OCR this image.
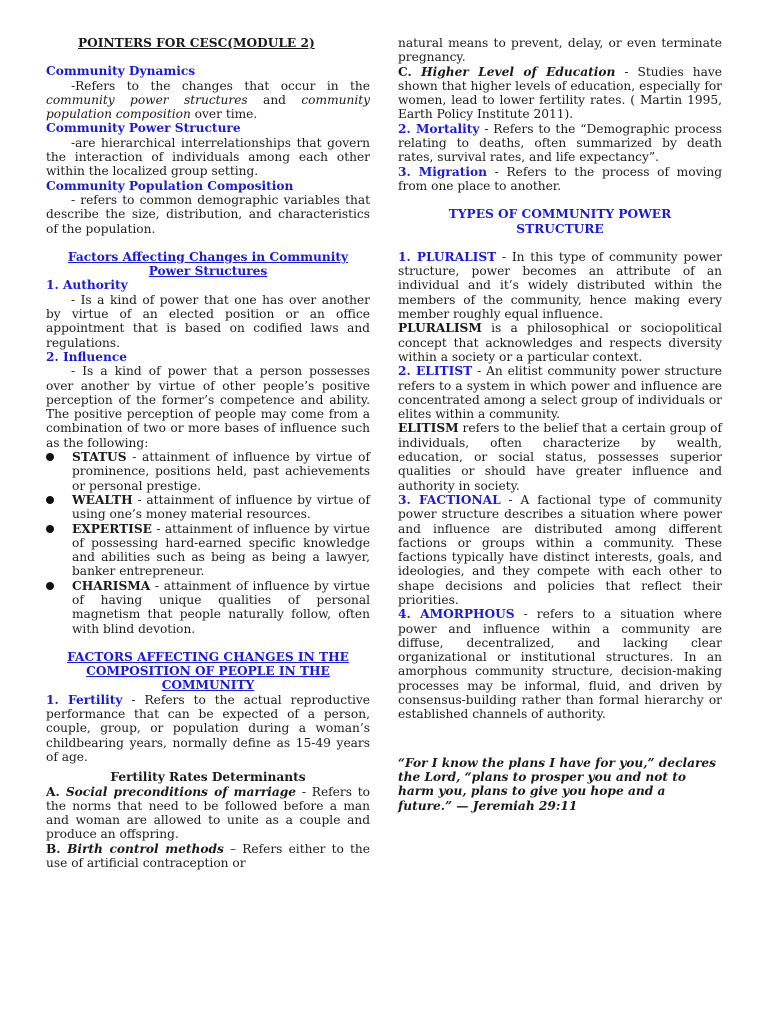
POINTERS FOR CESC(MODULE 2)

Community Dynamics

-Refers to the changes that occur in the community power structures and community population composition over time.

Community Power Structure

-are hierarchical interrelationships that govern the interaction of individuals among each other within the localized group setting.

Community Population Composition

- refers to common demographic variables that describe the size, distribution, and characteristics of the population.

Factors Affecting Changes in Community Power Structures

1. Authority

- Is a kind of power that one has over another by virtue of an elected position or an office appointment that is based on codified laws and regulations.

2. Influence

- Is a kind of power that a person possesses over another by virtue of other people’s positive perception of the former’s competence and ability. The positive perception of people may come from a combination of two or more bases of influence such as the following:

STATUS - attainment of influence by virtue of prominence, positions held, past achievements or personal prestige.
WEALTH - attainment of influence by virtue of using one’s money material resources.
EXPERTISE - attainment of influence by virtue of possessing hard-earned specific knowledge and abilities such as being as being a lawyer, banker entrepreneur.
CHARISMA - attainment of influence by virtue of having unique qualities of personal magnetism that people naturally follow, often with blind devotion.

FACTORS AFFECTING CHANGES IN THE COMPOSITION OF PEOPLE IN THE COMMUNITY

1. Fertility - Refers to the actual reproductive performance that can be expected of a person, couple, group, or population during a woman’s childbearing years, normally define as 15-49 years of age.

Fertility Rates Determinants

A. Social preconditions of marriage - Refers to the norms that need to be followed before a man and woman are allowed to unite as a couple and produce an offspring.

B. Birth control methods – Refers either to the use of artificial contraception or

natural means to prevent, delay, or even terminate pregnancy.

C. Higher Level of Education - Studies have shown that higher levels of education, especially for women, lead to lower fertility rates. ( Martin 1995, Earth Policy Institute 2011).

2. Mortality - Refers to the “Demographic process relating to deaths, often summarized by death rates, survival rates, and life expectancy”.

3. Migration - Refers to the process of moving from one place to another.

TYPES OF COMMUNITY POWER STRUCTURE

1. PLURALIST - In this type of community power structure, power becomes an attribute of an individual and it’s widely distributed within the members of the community, hence making every member roughly equal influence.

PLURALISM is a philosophical or sociopolitical concept that acknowledges and respects diversity within a society or a particular context.

2. ELITIST - An elitist community power structure refers to a system in which power and influence are concentrated among a select group of individuals or elites within a community.

ELITISM refers to the belief that a certain group of individuals, often characterize by wealth, education, or social status, possesses superior qualities or should have greater influence and authority in society.

3. FACTIONAL - A factional type of community power structure describes a situation where power and influence are distributed among different factions or groups within a community. These factions typically have distinct interests, goals, and ideologies, and they compete with each other to shape decisions and policies that reflect their priorities.

4. AMORPHOUS - refers to a situation where power and influence within a community are diffuse, decentralized, and lacking clear organizational or institutional structures. In an amorphous community structure, decision-making processes may be informal, fluid, and driven by consensus-building rather than formal hierarchy or established channels of authority.

“For I know the plans I have for you,” declares the Lord, “plans to prosper you and not to harm you, plans to give you hope and a future.” — Jeremiah 29:11
